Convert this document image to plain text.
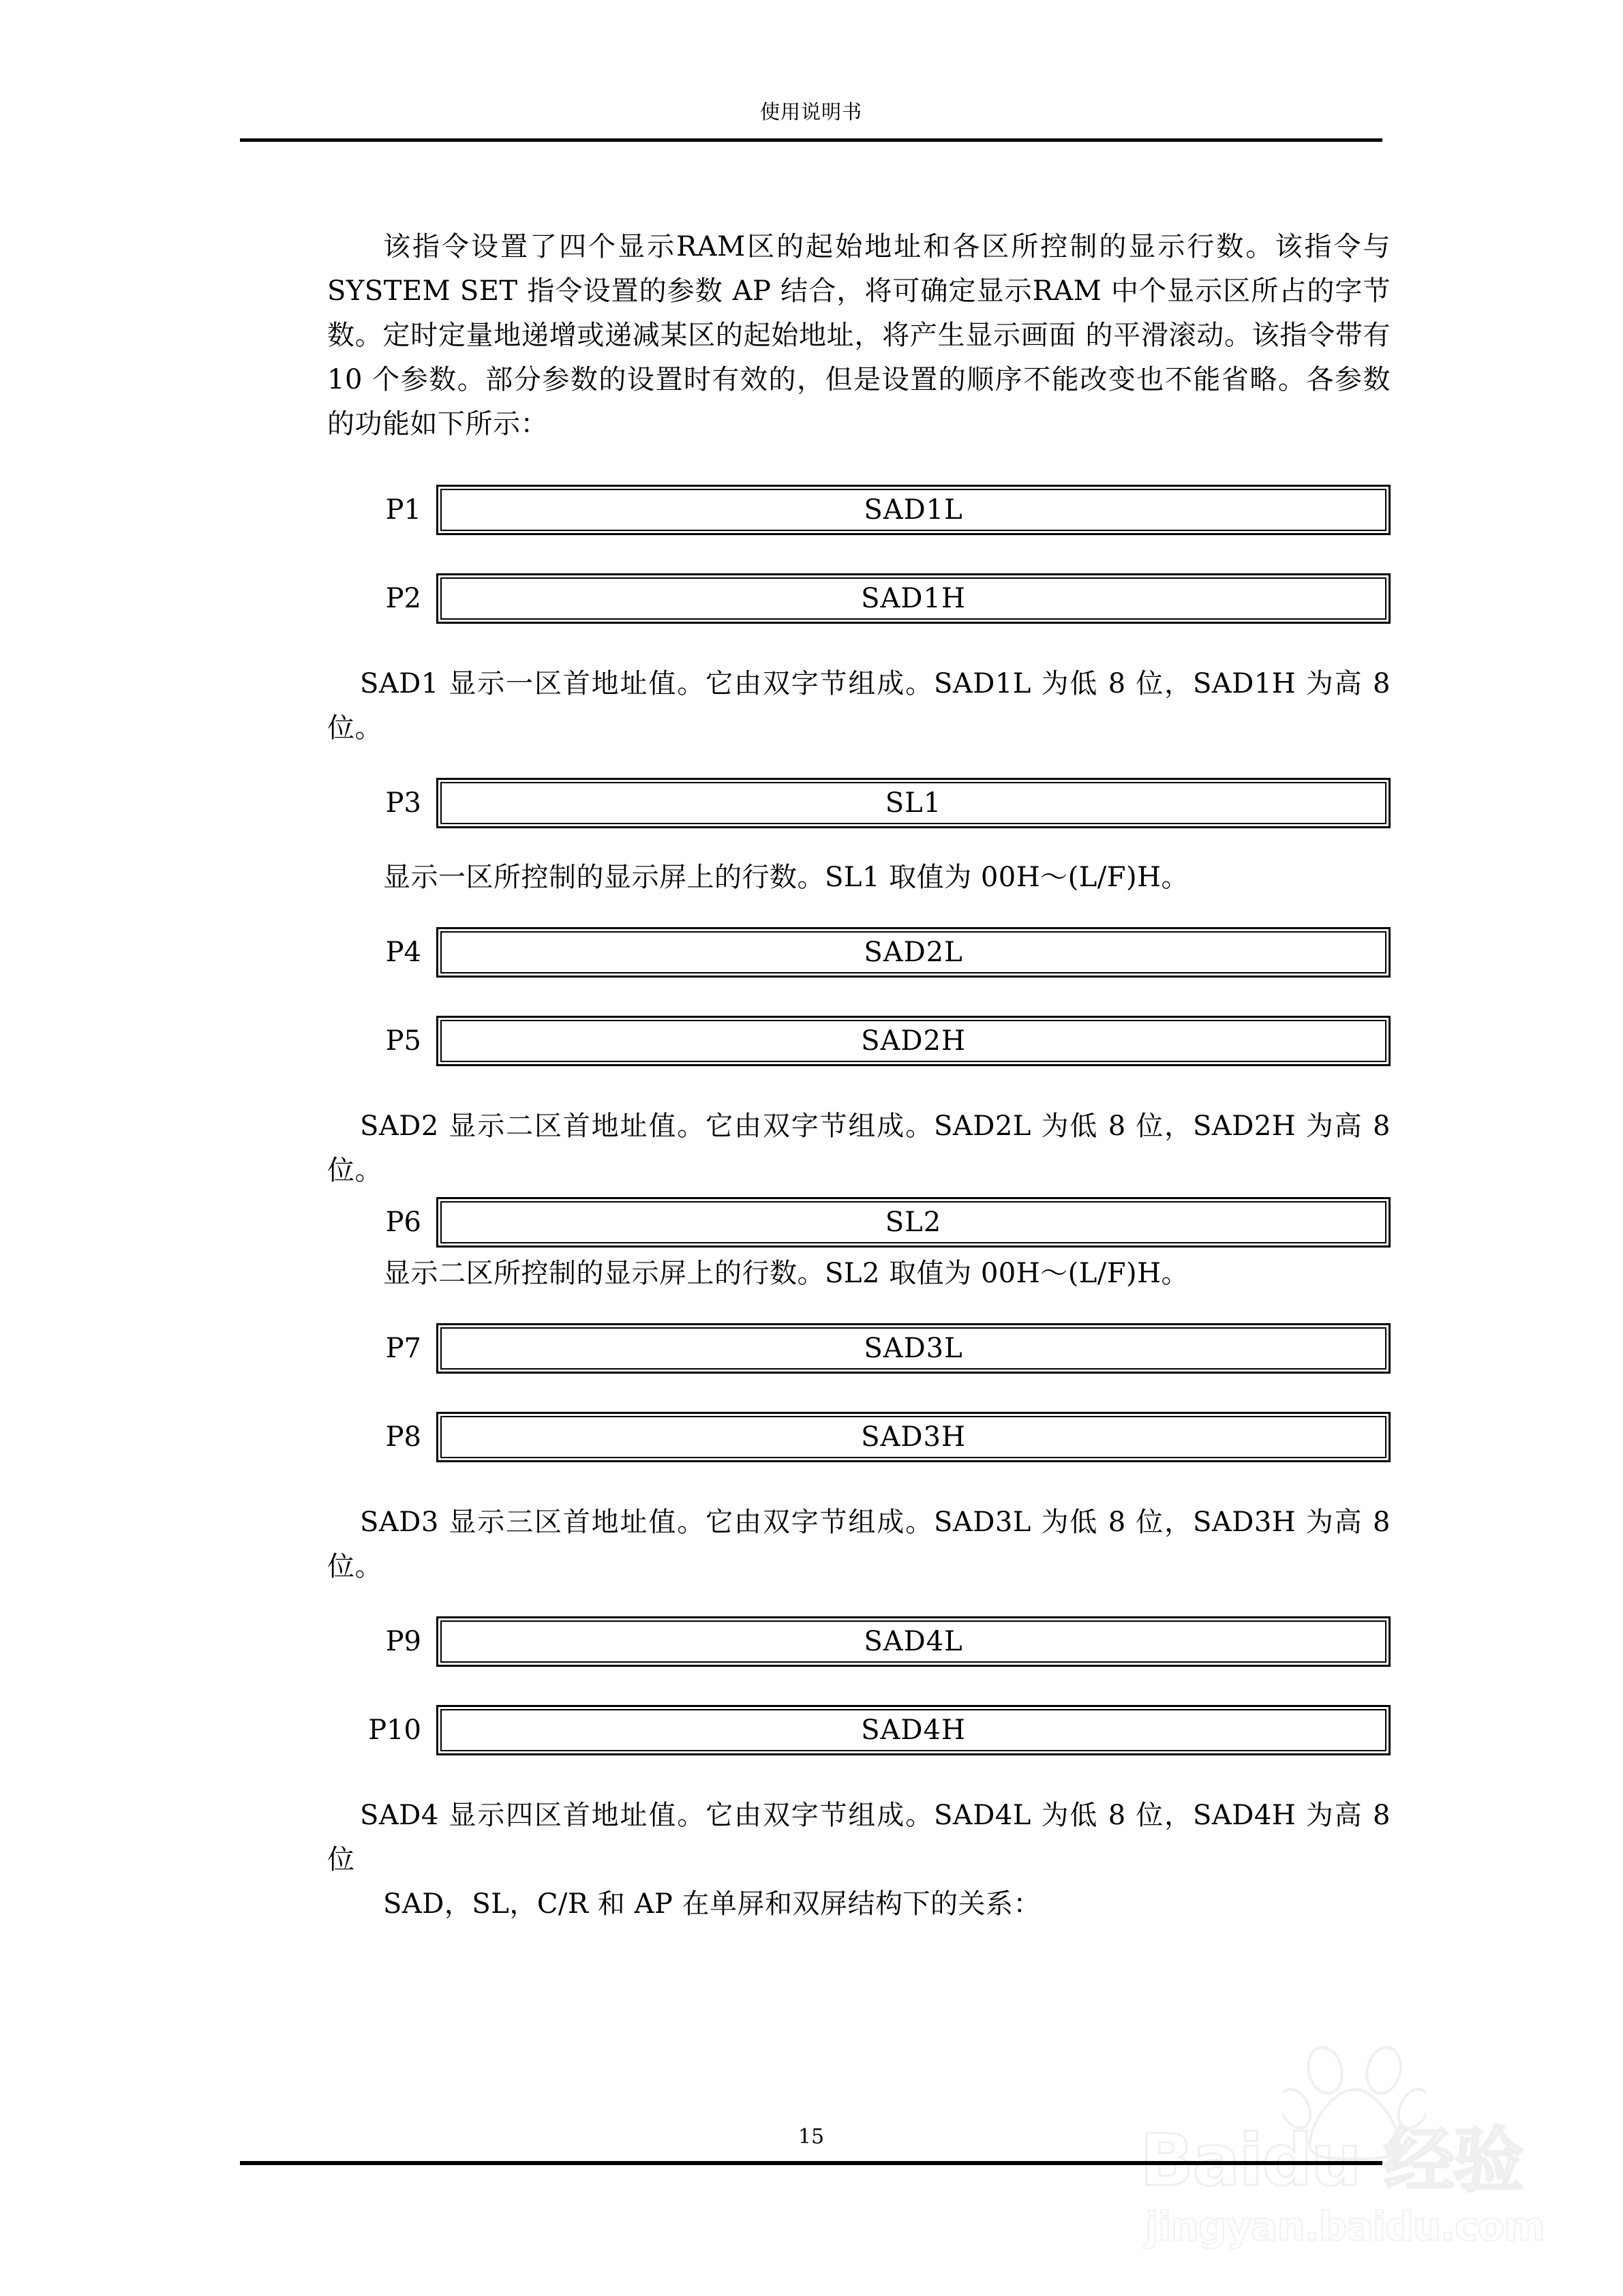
使用说明书

该指令设置了四个显示RAM区的起始地址和各区所控制的显示行数。该指令与 SYSTEM SET 指令设置的参数 AP 结合，将可确定显示RAM 中个显示区所占的字节数。定时定量地递增或递减某区的起始地址，将产生显示画面 的平滑滚动。该指令带有 10 个参数。部分参数的设置时有效的，但是设置的顺序不能改变也不能省略。各参数的功能如下所示：

P1	SAD1L
P2	SAD1H

SAD1 显示一区首地址值。它由双字节组成。SAD1L 为低 8 位，SAD1H 为高 8 位。

P3	SL1

显示一区所控制的显示屏上的行数。SL1 取值为 00H～(L/F)H。

P4	SAD2L
P5	SAD2H

SAD2 显示二区首地址值。它由双字节组成。SAD2L 为低 8 位，SAD2H 为高 8 位。

P6	SL2

显示二区所控制的显示屏上的行数。SL2 取值为 00H～(L/F)H。

P7	SAD3L
P8	SAD3H

SAD3 显示三区首地址值。它由双字节组成。SAD3L 为低 8 位，SAD3H 为高 8 位。

P9	SAD4L
P10	SAD4H

SAD4 显示四区首地址值。它由双字节组成。SAD4L 为低 8 位，SAD4H 为高 8 位

SAD，SL，C/R 和 AP 在单屏和双屏结构下的关系：

Baidu 经验
jingyan.baidu.com
15
